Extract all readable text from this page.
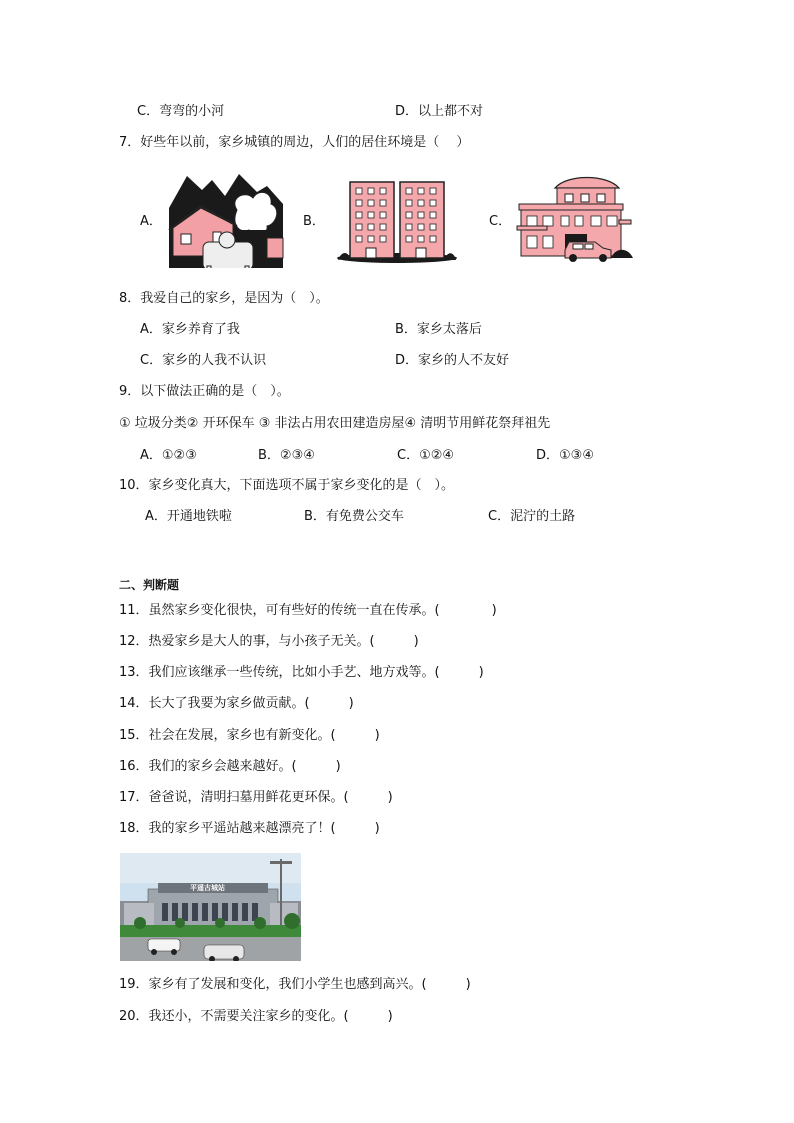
C．弯弯的小河	D．以上都不对
7．好些年以前，家乡城镇的周边，人们的居住环境是（　 ）
A．	B．	C．
8．我爱自己的家乡，是因为（　）。
A．家乡养育了我	B．家乡太落后
C．家乡的人我不认识	D．家乡的人不友好
9．以下做法正确的是（　）。
① 垃圾分类② 开环保车 ③ 非法占用农田建造房屋④ 清明节用鲜花祭拜祖先
A．①②③	B．②③④	C．①②④	D．①③④
10．家乡变化真大，下面选项不属于家乡变化的是（　）。
A．开通地铁啦	B．有免费公交车	C．泥泞的土路
二、判断题
11．虽然家乡变化很快，可有些好的传统一直在传承。(　　　　)
12．热爱家乡是大人的事，与小孩子无关。(　　　)
13．我们应该继承一些传统，比如小手艺、地方戏等。(　　　)
14．长大了我要为家乡做贡献。(　　　)
15．社会在发展，家乡也有新变化。(　　　)
16．我们的家乡会越来越好。(　　　)
17．爸爸说，清明扫墓用鲜花更环保。(　　　)
18．我的家乡平遥站越来越漂亮了！(　　　)
平遥古城站
19．家乡有了发展和变化，我们小学生也感到高兴。(　　　)
20．我还小，不需要关注家乡的变化。(　　　)
